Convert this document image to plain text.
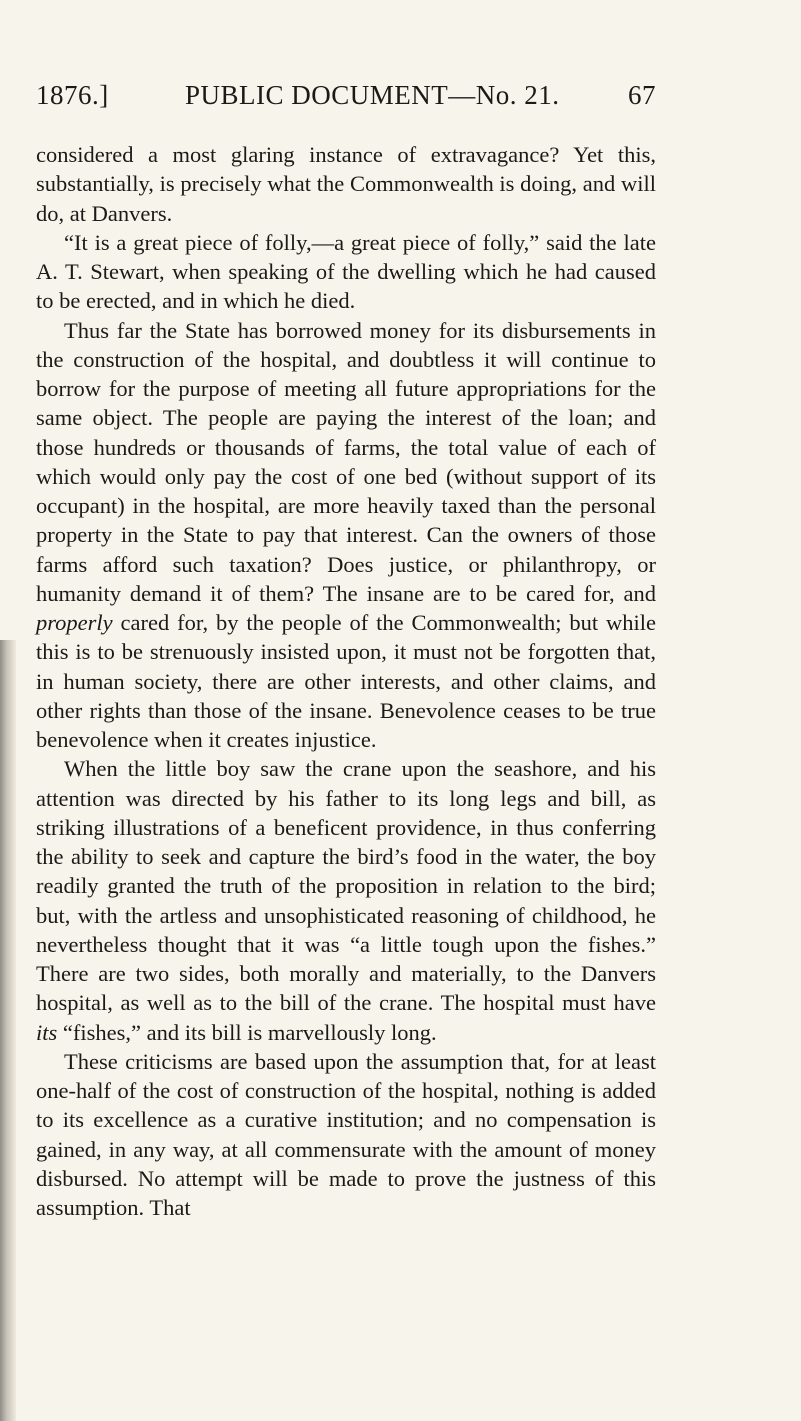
1876.]	PUBLIC DOCUMENT—No. 21.	67

considered a most glaring instance of extravagance? Yet this, substantially, is precisely what the Commonwealth is doing, and will do, at Danvers.

“It is a great piece of folly,—a great piece of folly,” said the late A. T. Stewart, when speaking of the dwelling which he had caused to be erected, and in which he died.

Thus far the State has borrowed money for its disbursements in the construction of the hospital, and doubtless it will continue to borrow for the purpose of meeting all future appropriations for the same object. The people are paying the interest of the loan; and those hundreds or thousands of farms, the total value of each of which would only pay the cost of one bed (without support of its occupant) in the hospital, are more heavily taxed than the personal property in the State to pay that interest. Can the owners of those farms afford such taxation? Does justice, or philanthropy, or humanity demand it of them? The insane are to be cared for, and properly cared for, by the people of the Commonwealth; but while this is to be strenuously insisted upon, it must not be forgotten that, in human society, there are other interests, and other claims, and other rights than those of the insane. Benevolence ceases to be true benevolence when it creates injustice.

When the little boy saw the crane upon the seashore, and his attention was directed by his father to its long legs and bill, as striking illustrations of a beneficent providence, in thus conferring the ability to seek and capture the bird’s food in the water, the boy readily granted the truth of the proposition in relation to the bird; but, with the artless and unsophisticated reasoning of childhood, he nevertheless thought that it was “a little tough upon the fishes.” There are two sides, both morally and materially, to the Danvers hospital, as well as to the bill of the crane. The hospital must have its “fishes,” and its bill is marvellously long.

These criticisms are based upon the assumption that, for at least one-half of the cost of construction of the hospital, nothing is added to its excellence as a curative institution; and no compensation is gained, in any way, at all commensurate with the amount of money disbursed. No attempt will be made to prove the justness of this assumption. That
